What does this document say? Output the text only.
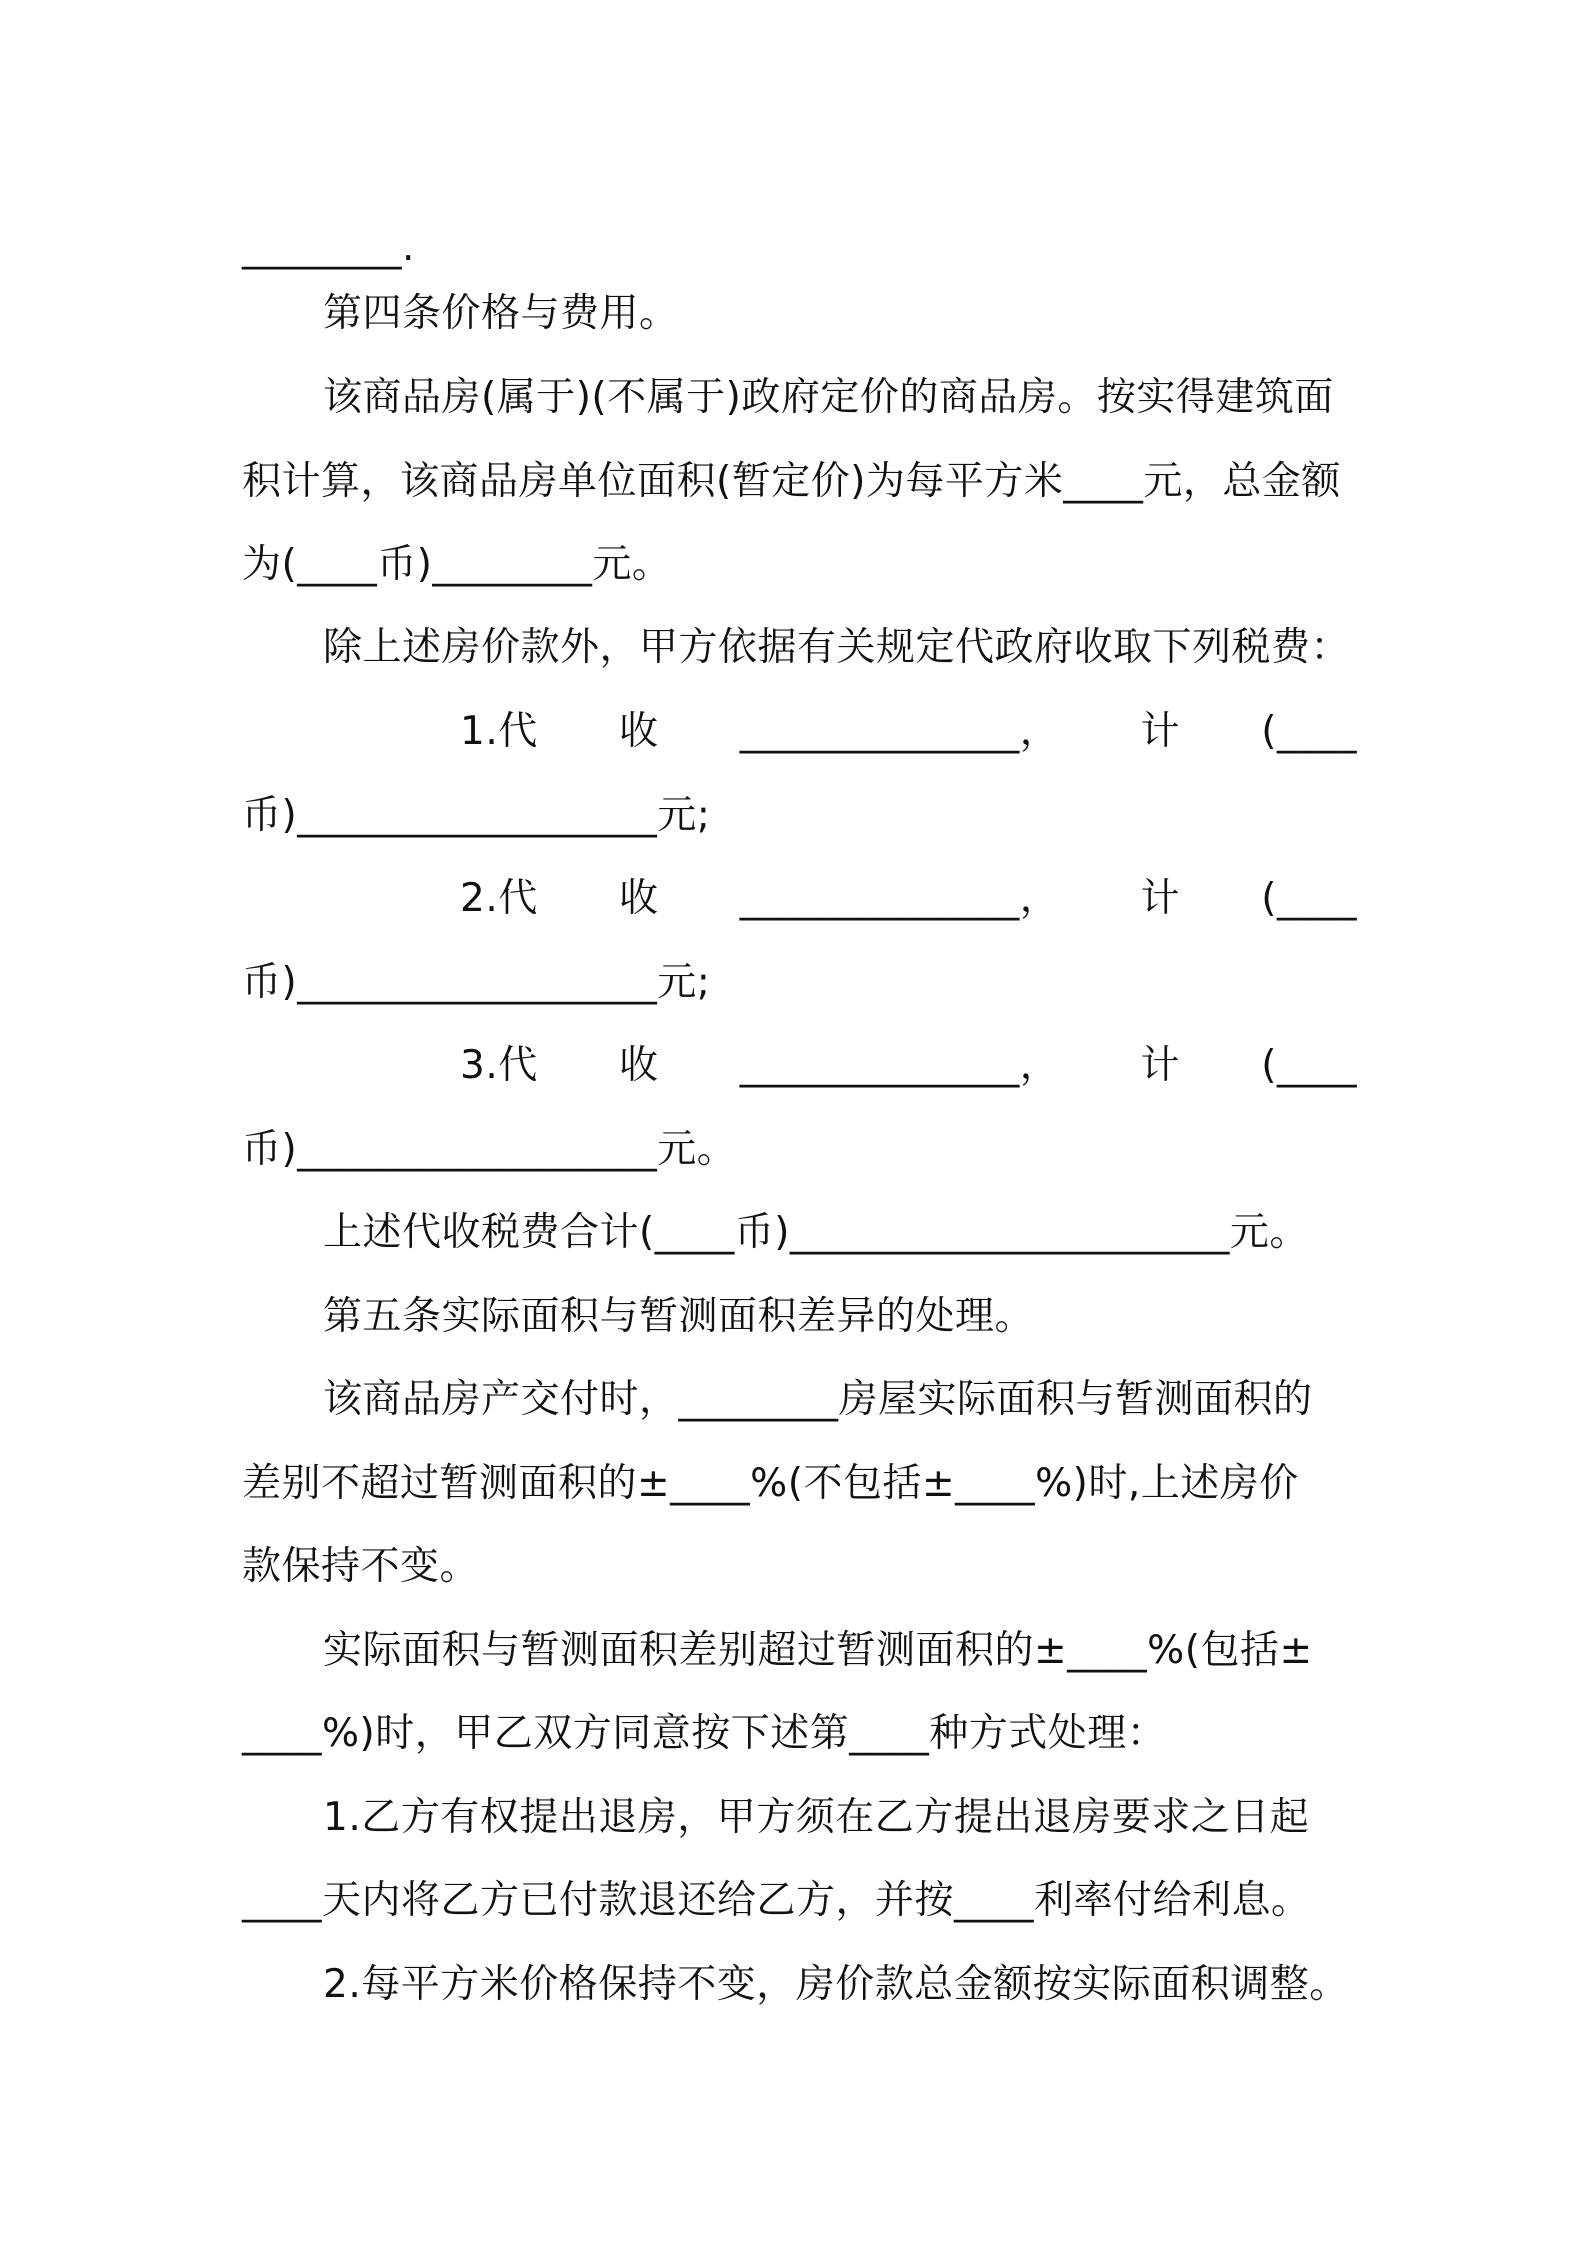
________.
第四条价格与费用。
该商品房(属于)(不属于)政府定价的商品房。按实得建筑面
积计算，该商品房单位面积(暂定价)为每平方米____元，总金额
为(____币)________元。
除上述房价款外，甲方依据有关规定代政府收取下列税费：
1.代 收 ______________， 计 (____
币)__________________元;
2.代 收 ______________， 计 (____
币)__________________元;
3.代 收 ______________， 计 (____
币)__________________元。
上述代收税费合计(____币)______________________元。
第五条实际面积与暂测面积差异的处理。
该商品房产交付时，________房屋实际面积与暂测面积的
差别不超过暂测面积的±____%(不包括±____%)时,上述房价
款保持不变。
实际面积与暂测面积差别超过暂测面积的±____%(包括±
____%)时，甲乙双方同意按下述第____种方式处理：
1.乙方有权提出退房，甲方须在乙方提出退房要求之日起
____天内将乙方已付款退还给乙方，并按____利率付给利息。
2.每平方米价格保持不变，房价款总金额按实际面积调整。
